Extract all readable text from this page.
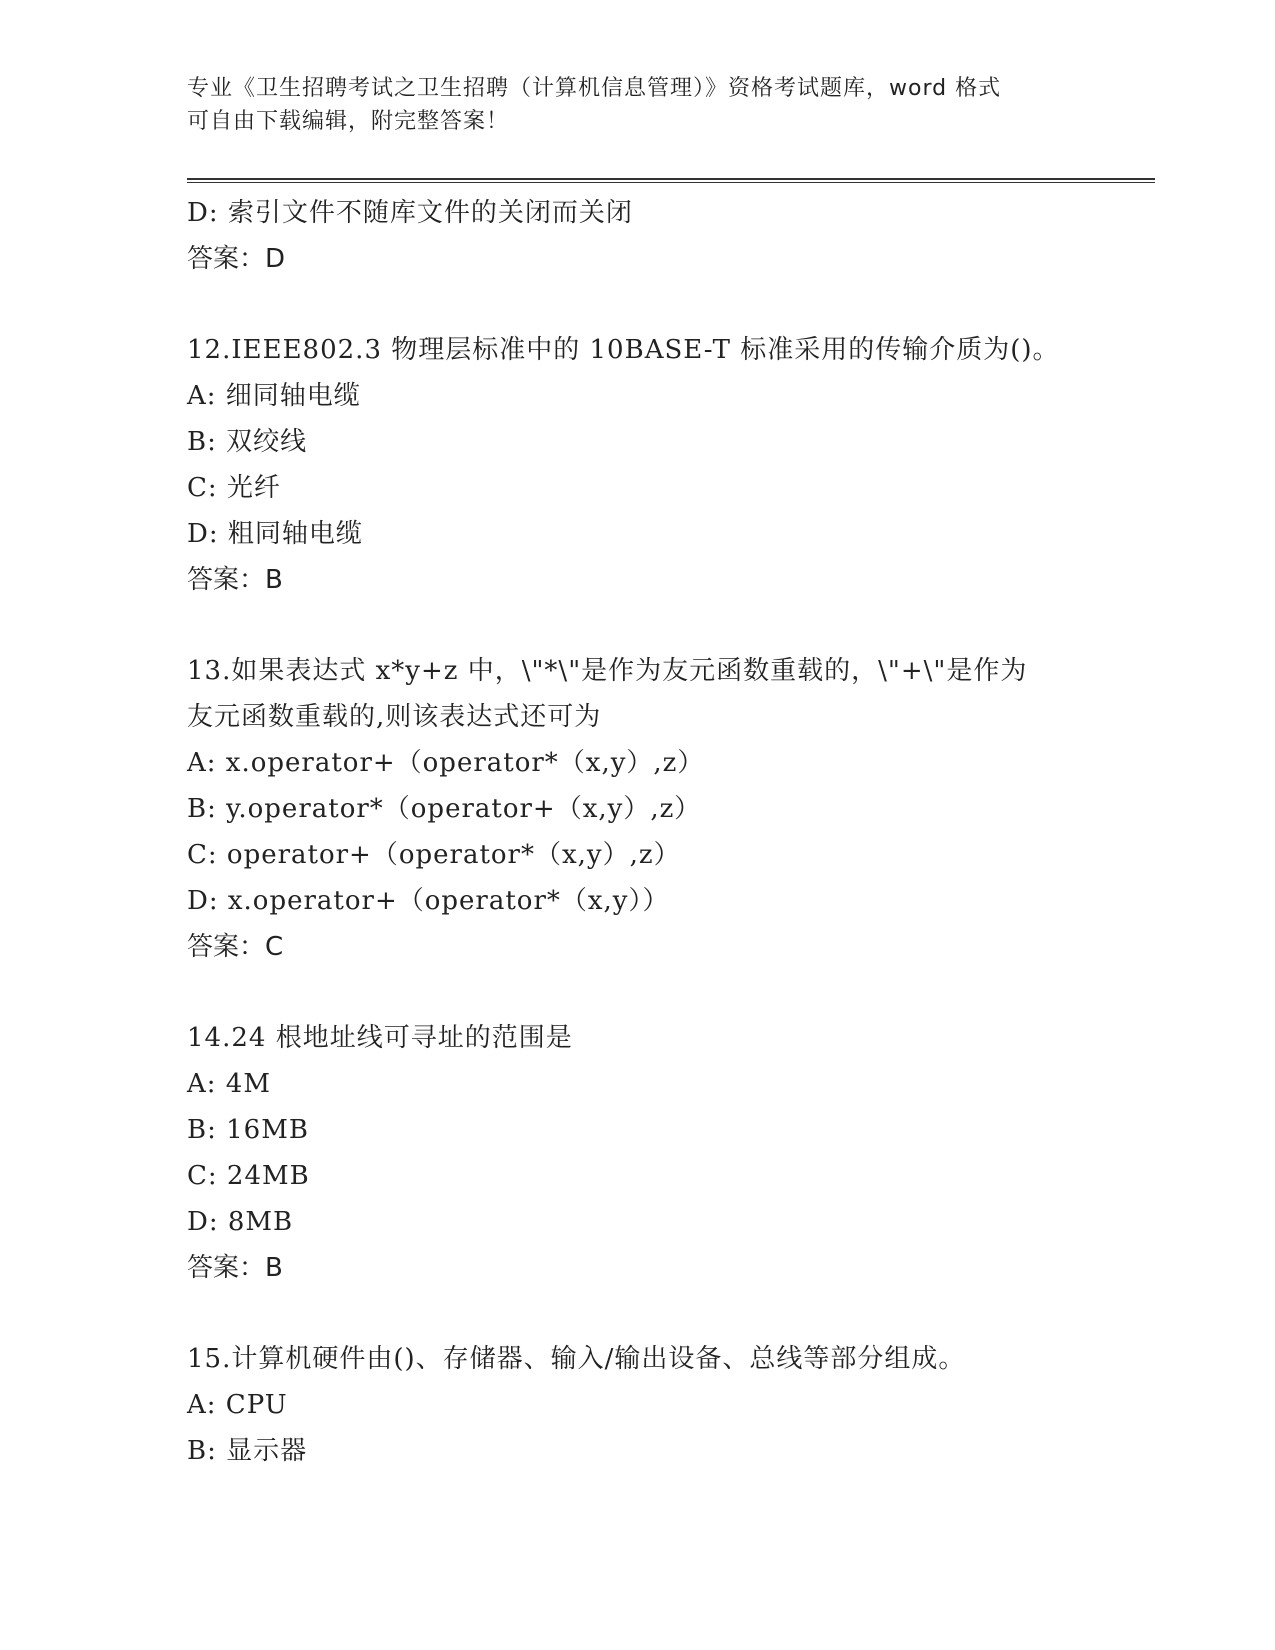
专业《卫生招聘考试之卫生招聘（计算机信息管理）》资格考试题库，word 格式
可自由下载编辑，附完整答案！
D: 索引文件不随库文件的关闭而关闭
答案：D
12.IEEE802.3 物理层标准中的 10BASE-T 标准采用的传输介质为()。
A: 细同轴电缆
B: 双绞线
C: 光纤
D: 粗同轴电缆
答案：B
13.如果表达式 x*y+z 中，\"*\"是作为友元函数重载的，\"+\"是作为
友元函数重载的,则该表达式还可为
A: x.operator+（operator*（x,y）,z）
B: y.operator*（operator+（x,y）,z）
C: operator+（operator*（x,y）,z）
D: x.operator+（operator*（x,y））
答案：C
14.24 根地址线可寻址的范围是
A: 4M
B: 16MB
C: 24MB
D: 8MB
答案：B
15.计算机硬件由()、存储器、输入/输出设备、总线等部分组成。
A: CPU
B: 显示器
